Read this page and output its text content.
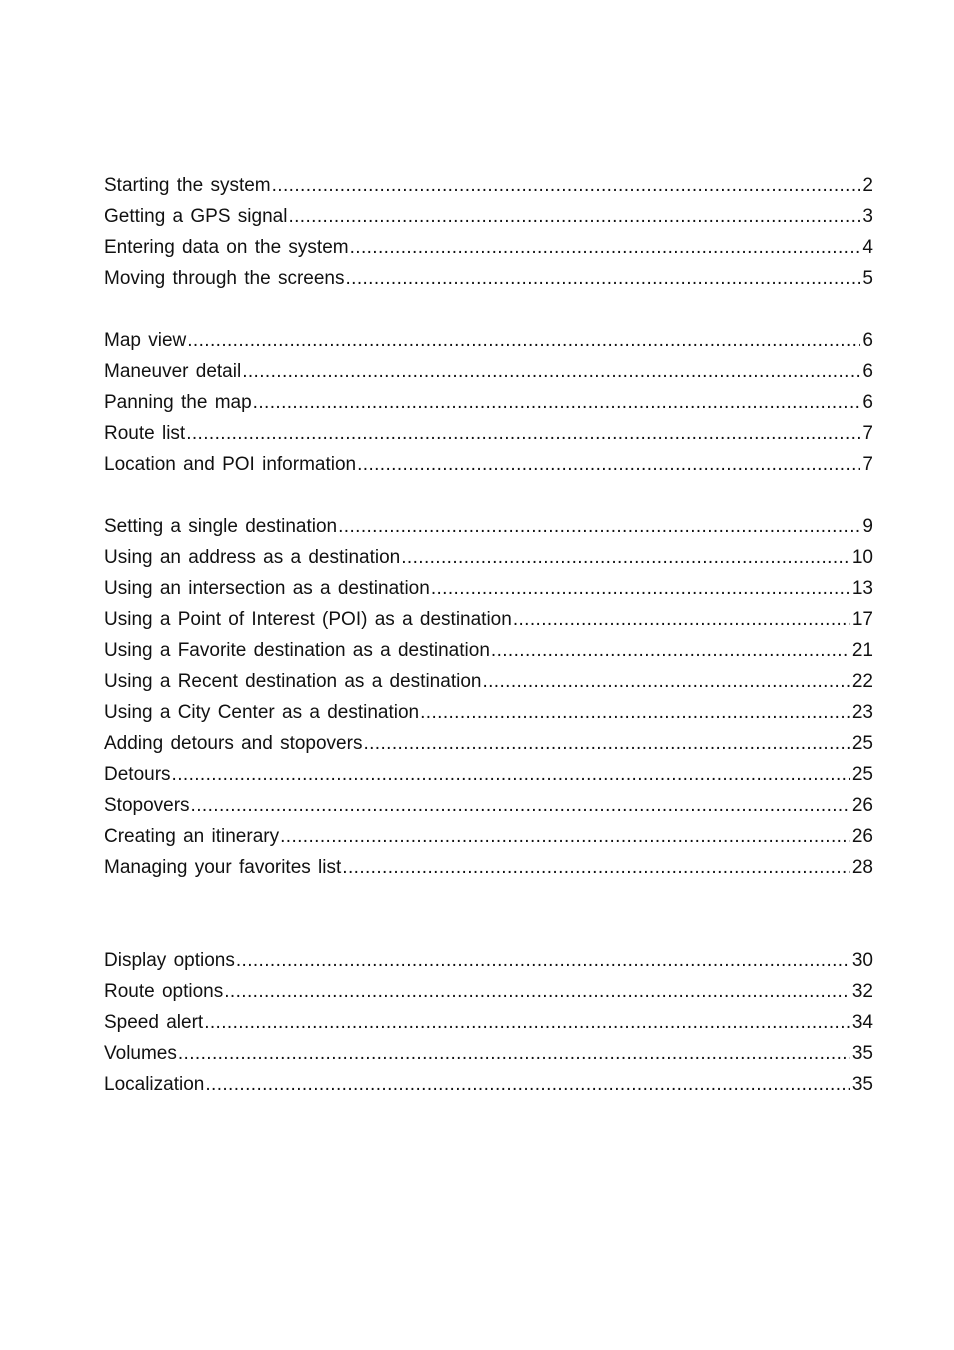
Starting the system .....	2
Getting a GPS signal .....	3
Entering data on the system .....	4
Moving through the screens .....	5
Map view .....	6
Maneuver detail .....	6
Panning the map .....	6
Route list .....	7
Location and POI information .....	7
Setting a single destination .....	9
Using an address as a destination .....	10
Using an intersection as a destination .....	13
Using a Point of Interest (POI) as a destination .....	17
Using a Favorite destination as a destination .....	21
Using a Recent destination as a destination .....	22
Using a City Center as a destination .....	23
Adding detours and stopovers .....	25
Detours .....	25
Stopovers .....	26
Creating an itinerary .....	26
Managing your favorites list .....	28
Display options .....	30
Route options .....	32
Speed alert .....	34
Volumes .....	35
Localization .....	35
